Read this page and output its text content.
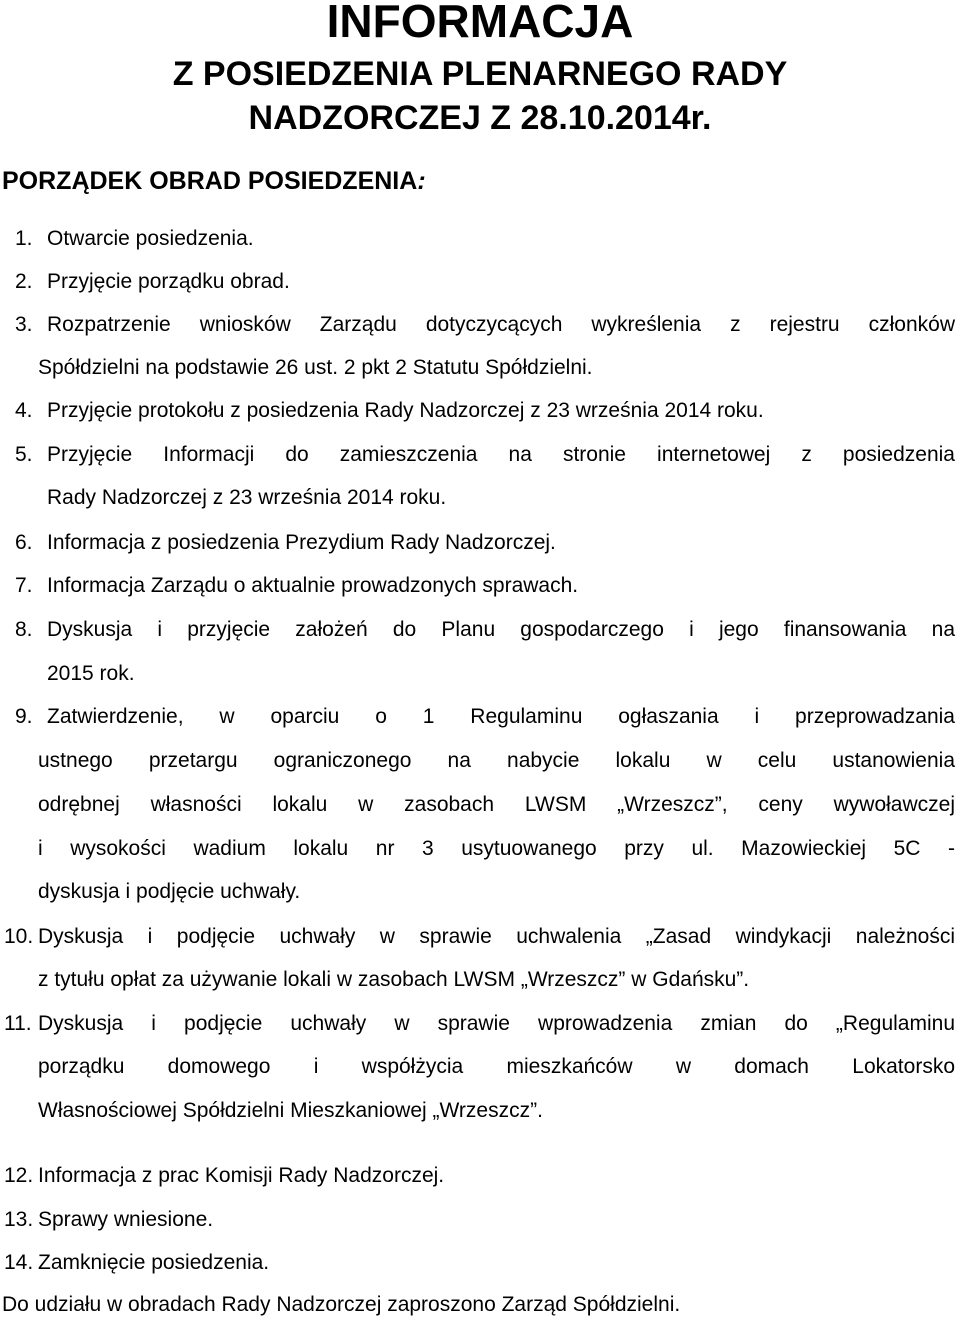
INFORMACJA
Z POSIEDZENIA PLENARNEGO RADY
NADZORCZEJ Z 28.10.2014r.
PORZĄDEK OBRAD POSIEDZENIA:
1. Otwarcie posiedzenia.
2. Przyjęcie porządku obrad.
3. Rozpatrzenie wniosków Zarządu dotyczycących wykreślenia z rejestru członków
Spółdzielni na podstawie 26 ust. 2 pkt 2 Statutu Spółdzielni.
4. Przyjęcie protokołu z posiedzenia Rady Nadzorczej z 23 września 2014 roku.
5. Przyjęcie Informacji do zamieszczenia na stronie internetowej z posiedzenia
Rady Nadzorczej z 23 września 2014 roku.
6. Informacja z posiedzenia Prezydium Rady Nadzorczej.
7. Informacja Zarządu o aktualnie prowadzonych sprawach.
8. Dyskusja i przyjęcie założeń do Planu gospodarczego i jego finansowania na
2015 rok.
9. Zatwierdzenie, w oparciu o 1 Regulaminu ogłaszania i przeprowadzania
ustnego przetargu ograniczonego na nabycie lokalu w celu ustanowienia
odrębnej własności lokalu w zasobach LWSM „Wrzeszcz”, ceny wywoławczej
i wysokości wadium lokalu nr 3 usytuowanego przy ul. Mazowieckiej 5C -
dyskusja i podjęcie uchwały.
10. Dyskusja i podjęcie uchwały w sprawie uchwalenia „Zasad windykacji należności
z tytułu opłat za używanie lokali w zasobach LWSM „Wrzeszcz” w Gdańsku”.
11. Dyskusja i podjęcie uchwały w sprawie wprowadzenia zmian do „Regulaminu
porządku domowego i współżycia mieszkańców w domach Lokatorsko
Własnościowej Spółdzielni Mieszkaniowej „Wrzeszcz”.
12. Informacja z prac Komisji Rady Nadzorczej.
13. Sprawy wniesione.
14. Zamknięcie posiedzenia.
Do udziału w obradach Rady Nadzorczej zaproszono Zarząd Spółdzielni.
